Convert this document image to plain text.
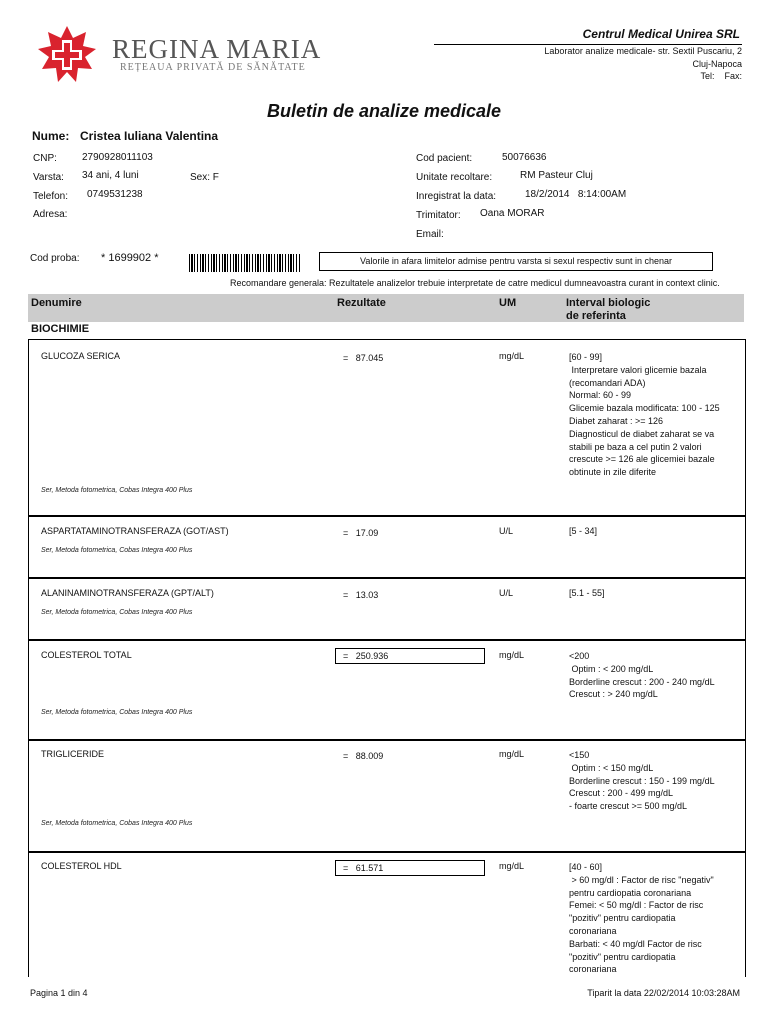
REGINA MARIA
REȚEAUA PRIVATĂ DE SĂNĂTATE
Centrul Medical Unirea SRL
Laborator analize medicale- str. Sextil Puscariu, 2
Cluj-Napoca
Tel:    Fax:
Buletin de analize medicale
Nume: Cristea Iuliana Valentina
CNP:	2790928011103
Varsta: 34 ani, 4 luni	Sex: F
Telefon: 0749531238
Adresa:
Cod pacient:	50076636
Unitate recoltare:	RM Pasteur Cluj
Inregistrat la data:	18/2/2014   8:14:00AM
Trimitator: Oana MORAR
Email:
Cod proba: * 1699902 *	Valorile in afara limitelor admise pentru varsta si sexul respectiv sunt in chenar
Recomandare generala: Rezultatele analizelor trebuie interpretate de catre medicul dumneavoastra curant in context clinic.
Denumire	Rezultate	UM	Interval biologic
de referinta
BIOCHIMIE
GLUCOZA SERICA	=   87.045	mg/dL	[60 - 99]
Interpretare valori glicemie bazala
(recomandari ADA)
Normal: 60 - 99
Glicemie bazala modificata: 100 - 125
Diabet zaharat : >= 126
Diagnosticul de diabet zaharat se va
stabili pe baza a cel putin 2 valori
crescute >= 126 ale glicemiei bazale
obtinute in zile diferite
Ser, Metoda fotometrica, Cobas Integra 400 Plus
ASPARTATAMINOTRANSFERAZA (GOT/AST)	=   17.09	U/L	[5 - 34]
Ser, Metoda fotometrica, Cobas Integra 400 Plus
ALANINAMINOTRANSFERAZA (GPT/ALT)	=   13.03	U/L	[5.1 - 55]
Ser, Metoda fotometrica, Cobas Integra 400 Plus
COLESTEROL TOTAL	=   250.936	mg/dL	<200
Optim : < 200 mg/dL
Borderline crescut : 200 - 240 mg/dL
Crescut : > 240 mg/dL
Ser, Metoda fotometrica, Cobas Integra 400 Plus
TRIGLICERIDE	=   88.009	mg/dL	<150
Optim : < 150 mg/dL
Borderline crescut : 150 - 199 mg/dL
Crescut : 200 - 499 mg/dL
- foarte crescut >= 500 mg/dL
Ser, Metoda fotometrica, Cobas Integra 400 Plus
COLESTEROL HDL	=   61.571	mg/dL	[40 - 60]
> 60 mg/dl : Factor de risc "negativ"
pentru cardiopatia coronariana
Femei: < 50 mg/dl : Factor de risc
"pozitiv" pentru cardiopatia
coronariana
Barbati: < 40 mg/dl Factor de risc
"pozitiv" pentru cardiopatia
coronariana
Pagina 1 din 4	Tiparit la data 22/02/2014 10:03:28AM
